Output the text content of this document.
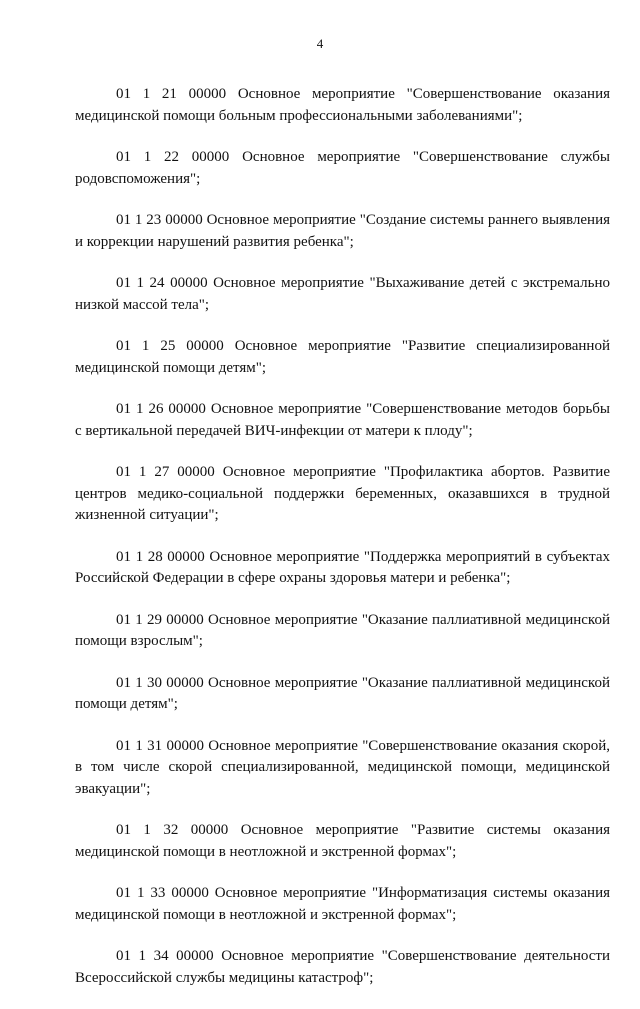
4

01 1 21 00000 Основное мероприятие "Совершенствование оказания медицинской помощи больным профессиональными заболеваниями";

01 1 22 00000 Основное мероприятие "Совершенствование службы родовспоможения";

01 1 23 00000 Основное мероприятие "Создание системы раннего выявления и коррекции нарушений развития ребенка";

01 1 24 00000 Основное мероприятие "Выхаживание детей с экстремально низкой массой тела";

01 1 25 00000 Основное мероприятие "Развитие специализированной медицинской помощи детям";

01 1 26 00000 Основное мероприятие "Совершенствование методов борьбы с вертикальной передачей ВИЧ-инфекции от матери к плоду";

01 1 27 00000 Основное мероприятие "Профилактика абортов. Развитие центров медико-социальной поддержки беременных, оказавшихся в трудной жизненной ситуации";

01 1 28 00000 Основное мероприятие "Поддержка мероприятий в субъектах Российской Федерации в сфере охраны здоровья матери и ребенка";

01 1 29 00000 Основное мероприятие "Оказание паллиативной медицинской помощи взрослым";

01 1 30 00000 Основное мероприятие "Оказание паллиативной медицинской помощи детям";

01 1 31 00000 Основное мероприятие "Совершенствование оказания скорой, в том числе скорой специализированной, медицинской помощи, медицинской эвакуации";

01 1 32 00000 Основное мероприятие "Развитие системы оказания медицинской помощи в неотложной и экстренной формах";

01 1 33 00000 Основное мероприятие "Информатизация системы оказания медицинской помощи в неотложной и экстренной формах";

01 1 34 00000 Основное мероприятие "Совершенствование деятельности Всероссийской службы медицины катастроф";
